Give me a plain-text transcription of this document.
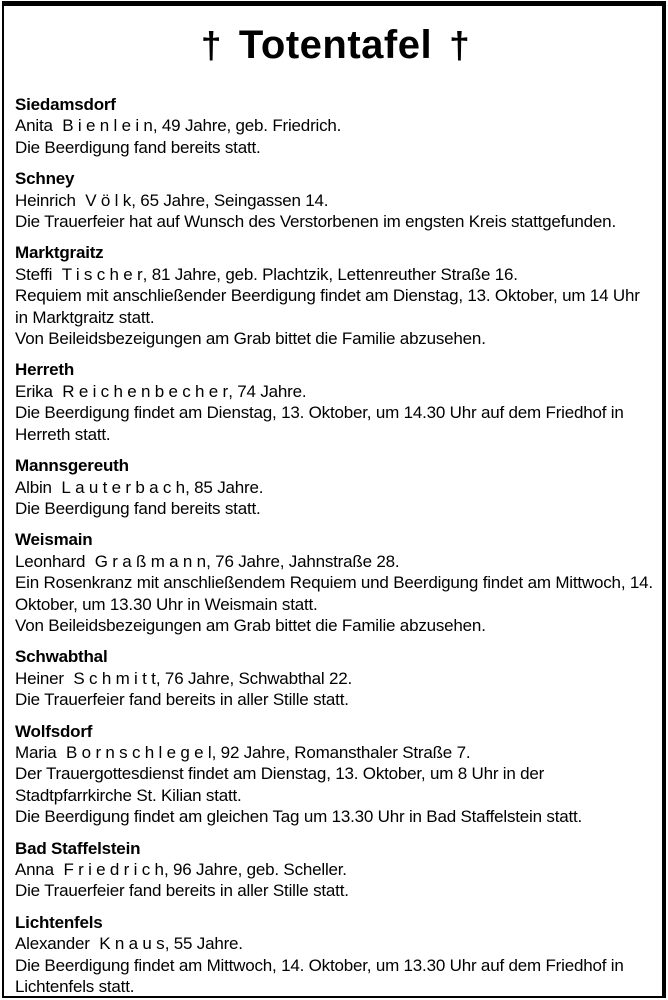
† Totentafel †
Siedamsdorf

Anita Bienlein, 49 Jahre, geb. Friedrich.

Die Beerdigung fand bereits statt.

Schney

Heinrich Völk, 65 Jahre, Seingassen 14.

Die Trauerfeier hat auf Wunsch des Verstorbenen im engsten Kreis stattgefunden.

Marktgraitz

Steffi Tischer, 81 Jahre, geb. Plachtzik, Lettenreuther Straße 16.

Requiem mit anschließender Beerdigung findet am Dienstag, 13. Oktober, um 14 Uhr in Marktgraitz statt.

Von Beileidsbezeigungen am Grab bittet die Familie abzusehen.

Herreth

Erika Reichenbecher, 74 Jahre.

Die Beerdigung findet am Dienstag, 13. Oktober, um 14.30 Uhr auf dem Friedhof in Herreth statt.

Mannsgereuth

Albin Lauterbach, 85 Jahre.

Die Beerdigung fand bereits statt.

Weismain

Leonhard Graßmann, 76 Jahre, Jahnstraße 28.

Ein Rosenkranz mit anschließendem Requiem und Beerdigung findet am Mittwoch, 14. Oktober, um 13.30 Uhr in Weismain statt.

Von Beileidsbezeigungen am Grab bittet die Familie abzusehen.

Schwabthal

Heiner Schmitt, 76 Jahre, Schwabthal 22.

Die Trauerfeier fand bereits in aller Stille statt.

Wolfsdorf

Maria Bornschlegel, 92 Jahre, Romansthaler Straße 7.

Der Trauergottesdienst findet am Dienstag, 13. Oktober, um 8 Uhr in der Stadtpfarrkirche St. Kilian statt.

Die Beerdigung findet am gleichen Tag um 13.30 Uhr in Bad Staffelstein statt.

Bad Staffelstein

Anna Friedrich, 96 Jahre, geb. Scheller.

Die Trauerfeier fand bereits in aller Stille statt.

Lichtenfels

Alexander Knaus, 55 Jahre.

Die Beerdigung findet am Mittwoch, 14. Oktober, um 13.30 Uhr auf dem Friedhof in Lichtenfels statt.
